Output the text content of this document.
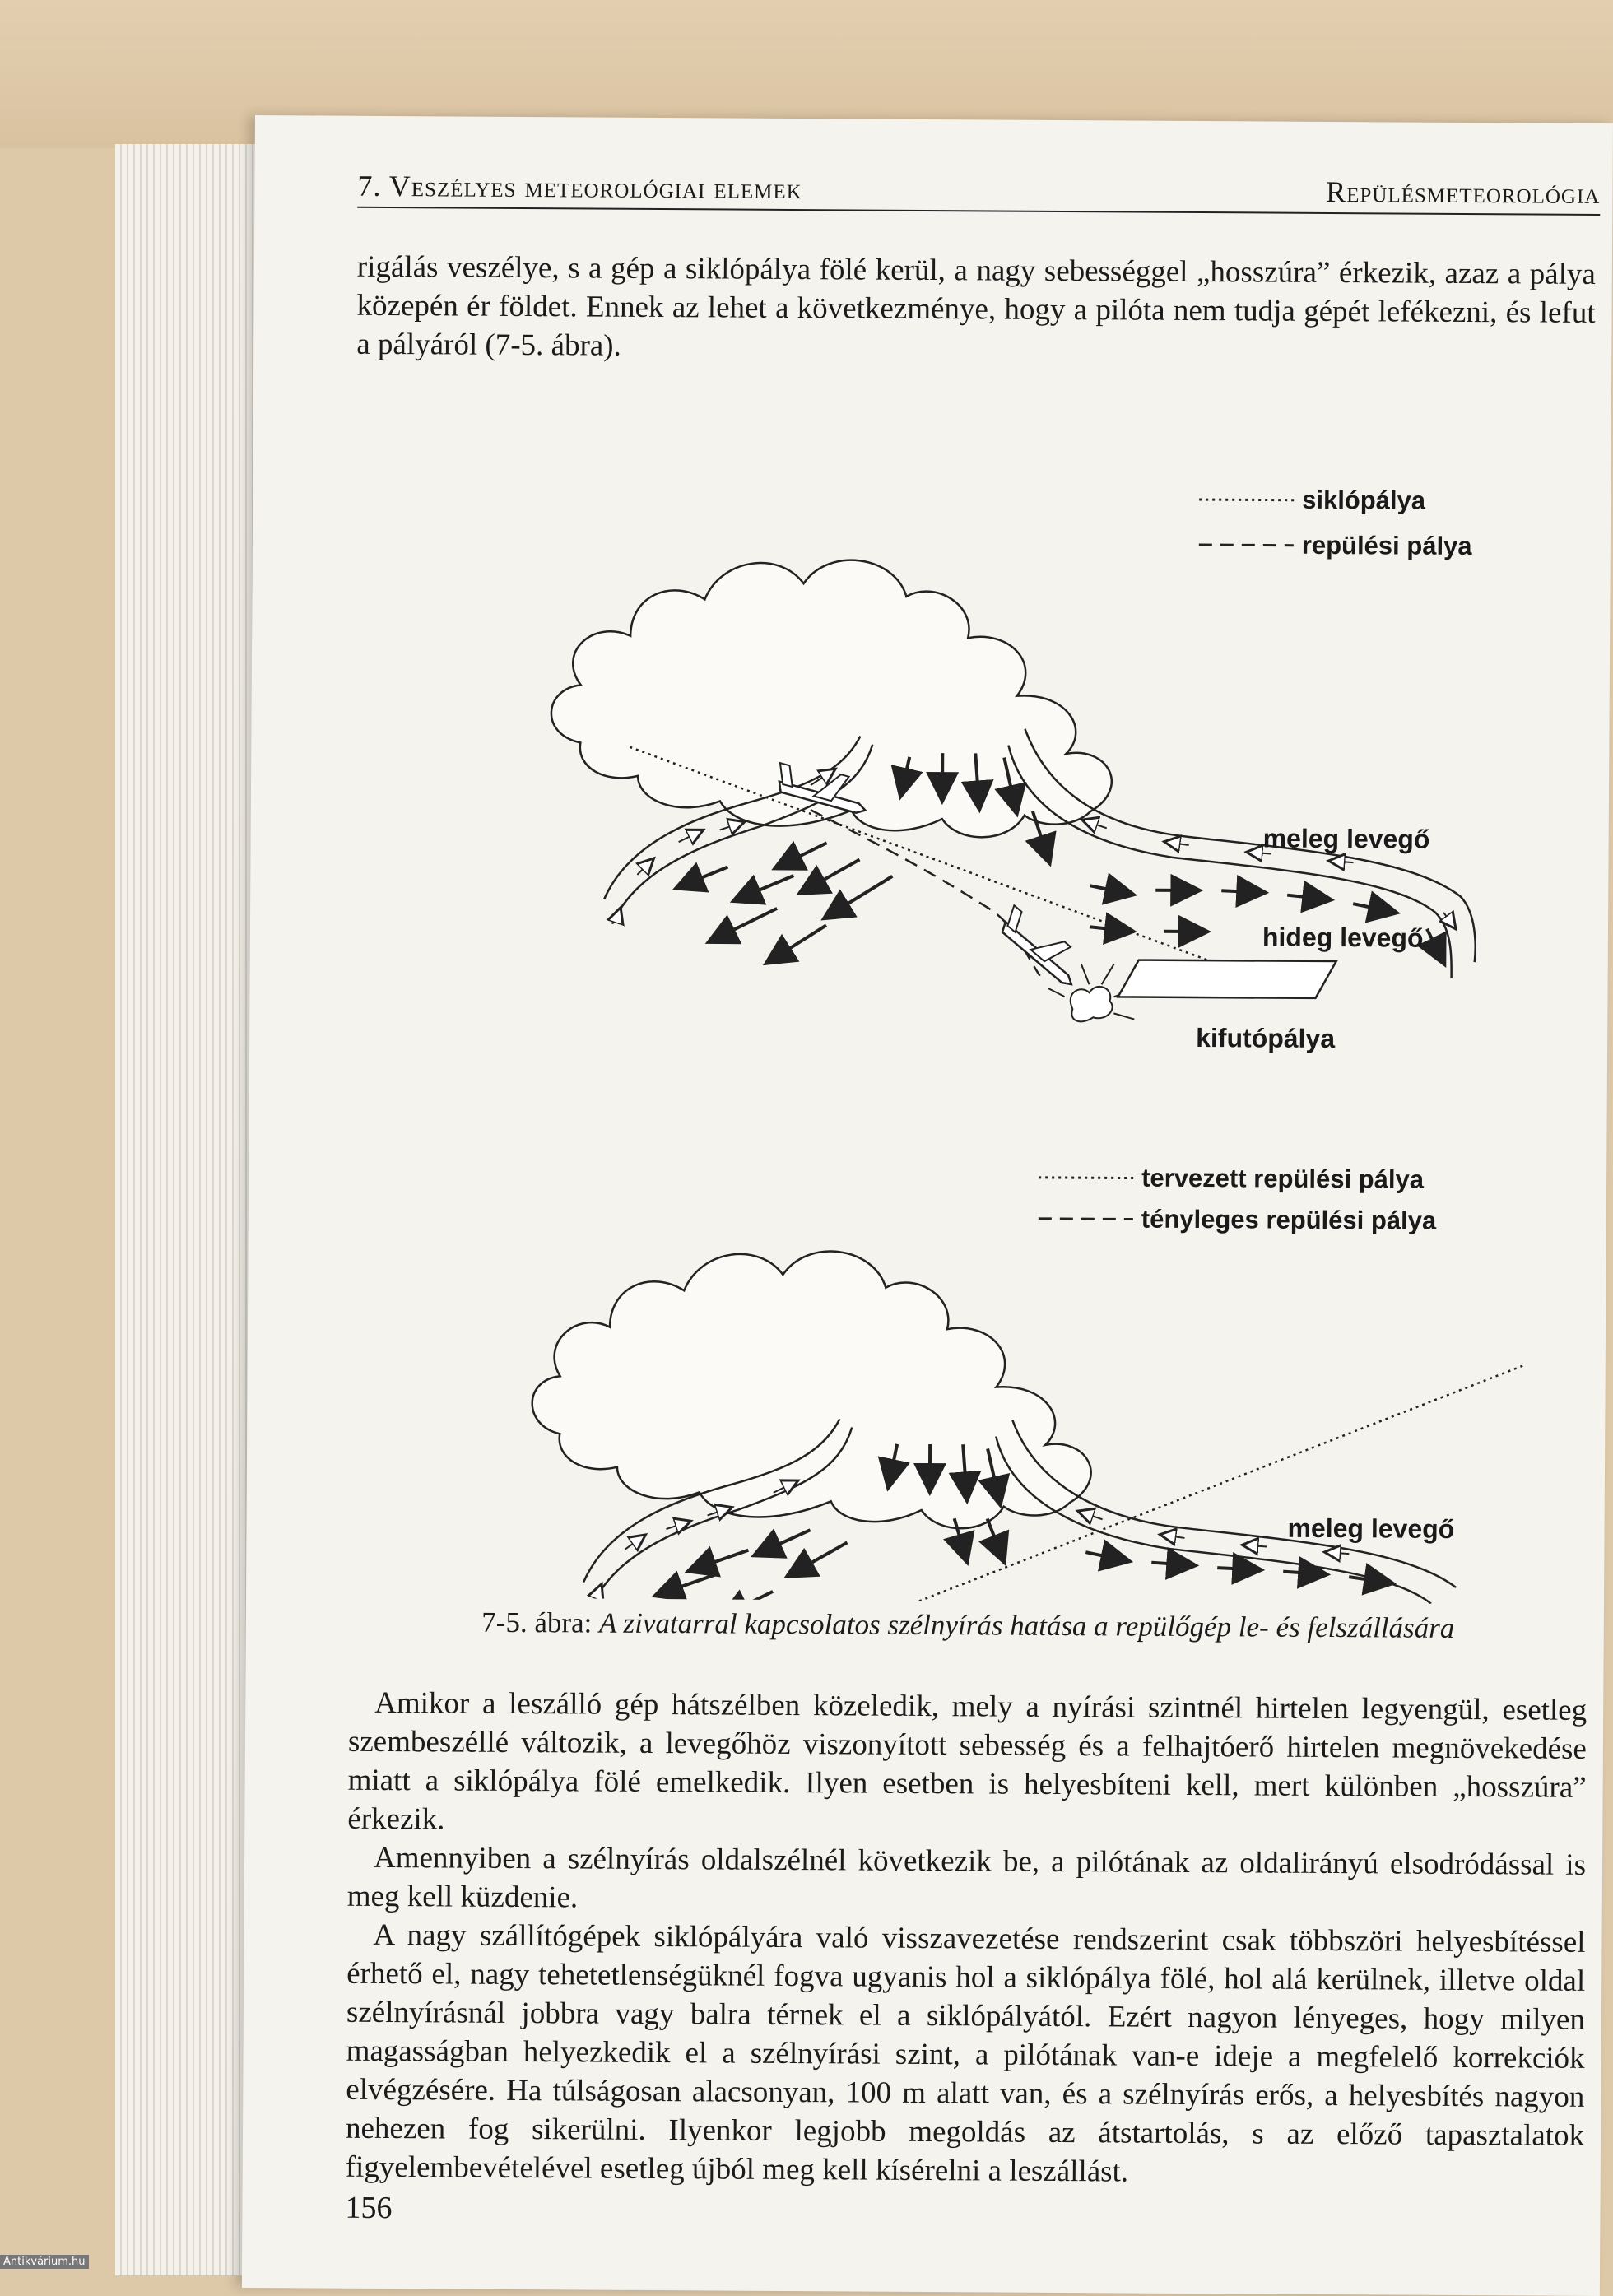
7. Veszélyes meteorológiai elemek	Repülésmeteorológia

rigálás veszélye, s a gép a siklópálya fölé kerül, a nagy sebességgel „hosszúra” érkezik, azaz a pálya közepén ér földet. Ennek az lehet a következménye, hogy a pilóta nem tudja gépét lefékezni, és lefut a pályáról (7-5. ábra).

siklópálya
repülési pálya
meleg levegő
hideg levegő
kifutópálya
tervezett repülési pálya
tényleges repülési pálya
meleg levegő
7-5. ábra: A zivatarral kapcsolatos szélnyírás hatása a repülőgép le- és felszállására

Amikor a leszálló gép hátszélben közeledik, mely a nyírási szintnél hirtelen legyengül, esetleg szembeszéllé változik, a levegőhöz viszonyított sebesség és a felhajtóerő hirtelen megnövekedése miatt a siklópálya fölé emelkedik. Ilyen esetben is helyesbíteni kell, mert különben „hosszúra” érkezik.

Amennyiben a szélnyírás oldalszélnél következik be, a pilótának az oldalirányú elsodródással is meg kell küzdenie.

A nagy szállítógépek siklópályára való visszavezetése rendszerint csak többszöri helyesbítéssel érhető el, nagy tehetetlenségüknél fogva ugyanis hol a siklópálya fölé, hol alá kerülnek, illetve oldal szélnyírásnál jobbra vagy balra térnek el a siklópályától. Ezért nagyon lényeges, hogy milyen magasságban helyezkedik el a szélnyírási szint, a pilótának van-e ideje a megfelelő korrekciók elvégzésére. Ha túlságosan alacsonyan, 100 m alatt van, és a szélnyírás erős, a helyesbítés nagyon nehezen fog sikerülni. Ilyenkor legjobb megoldás az átstartolás, s az előző tapasztalatok figyelembevételével esetleg újból meg kell kísérelni a leszállást.

156
Antikvárium.hu
